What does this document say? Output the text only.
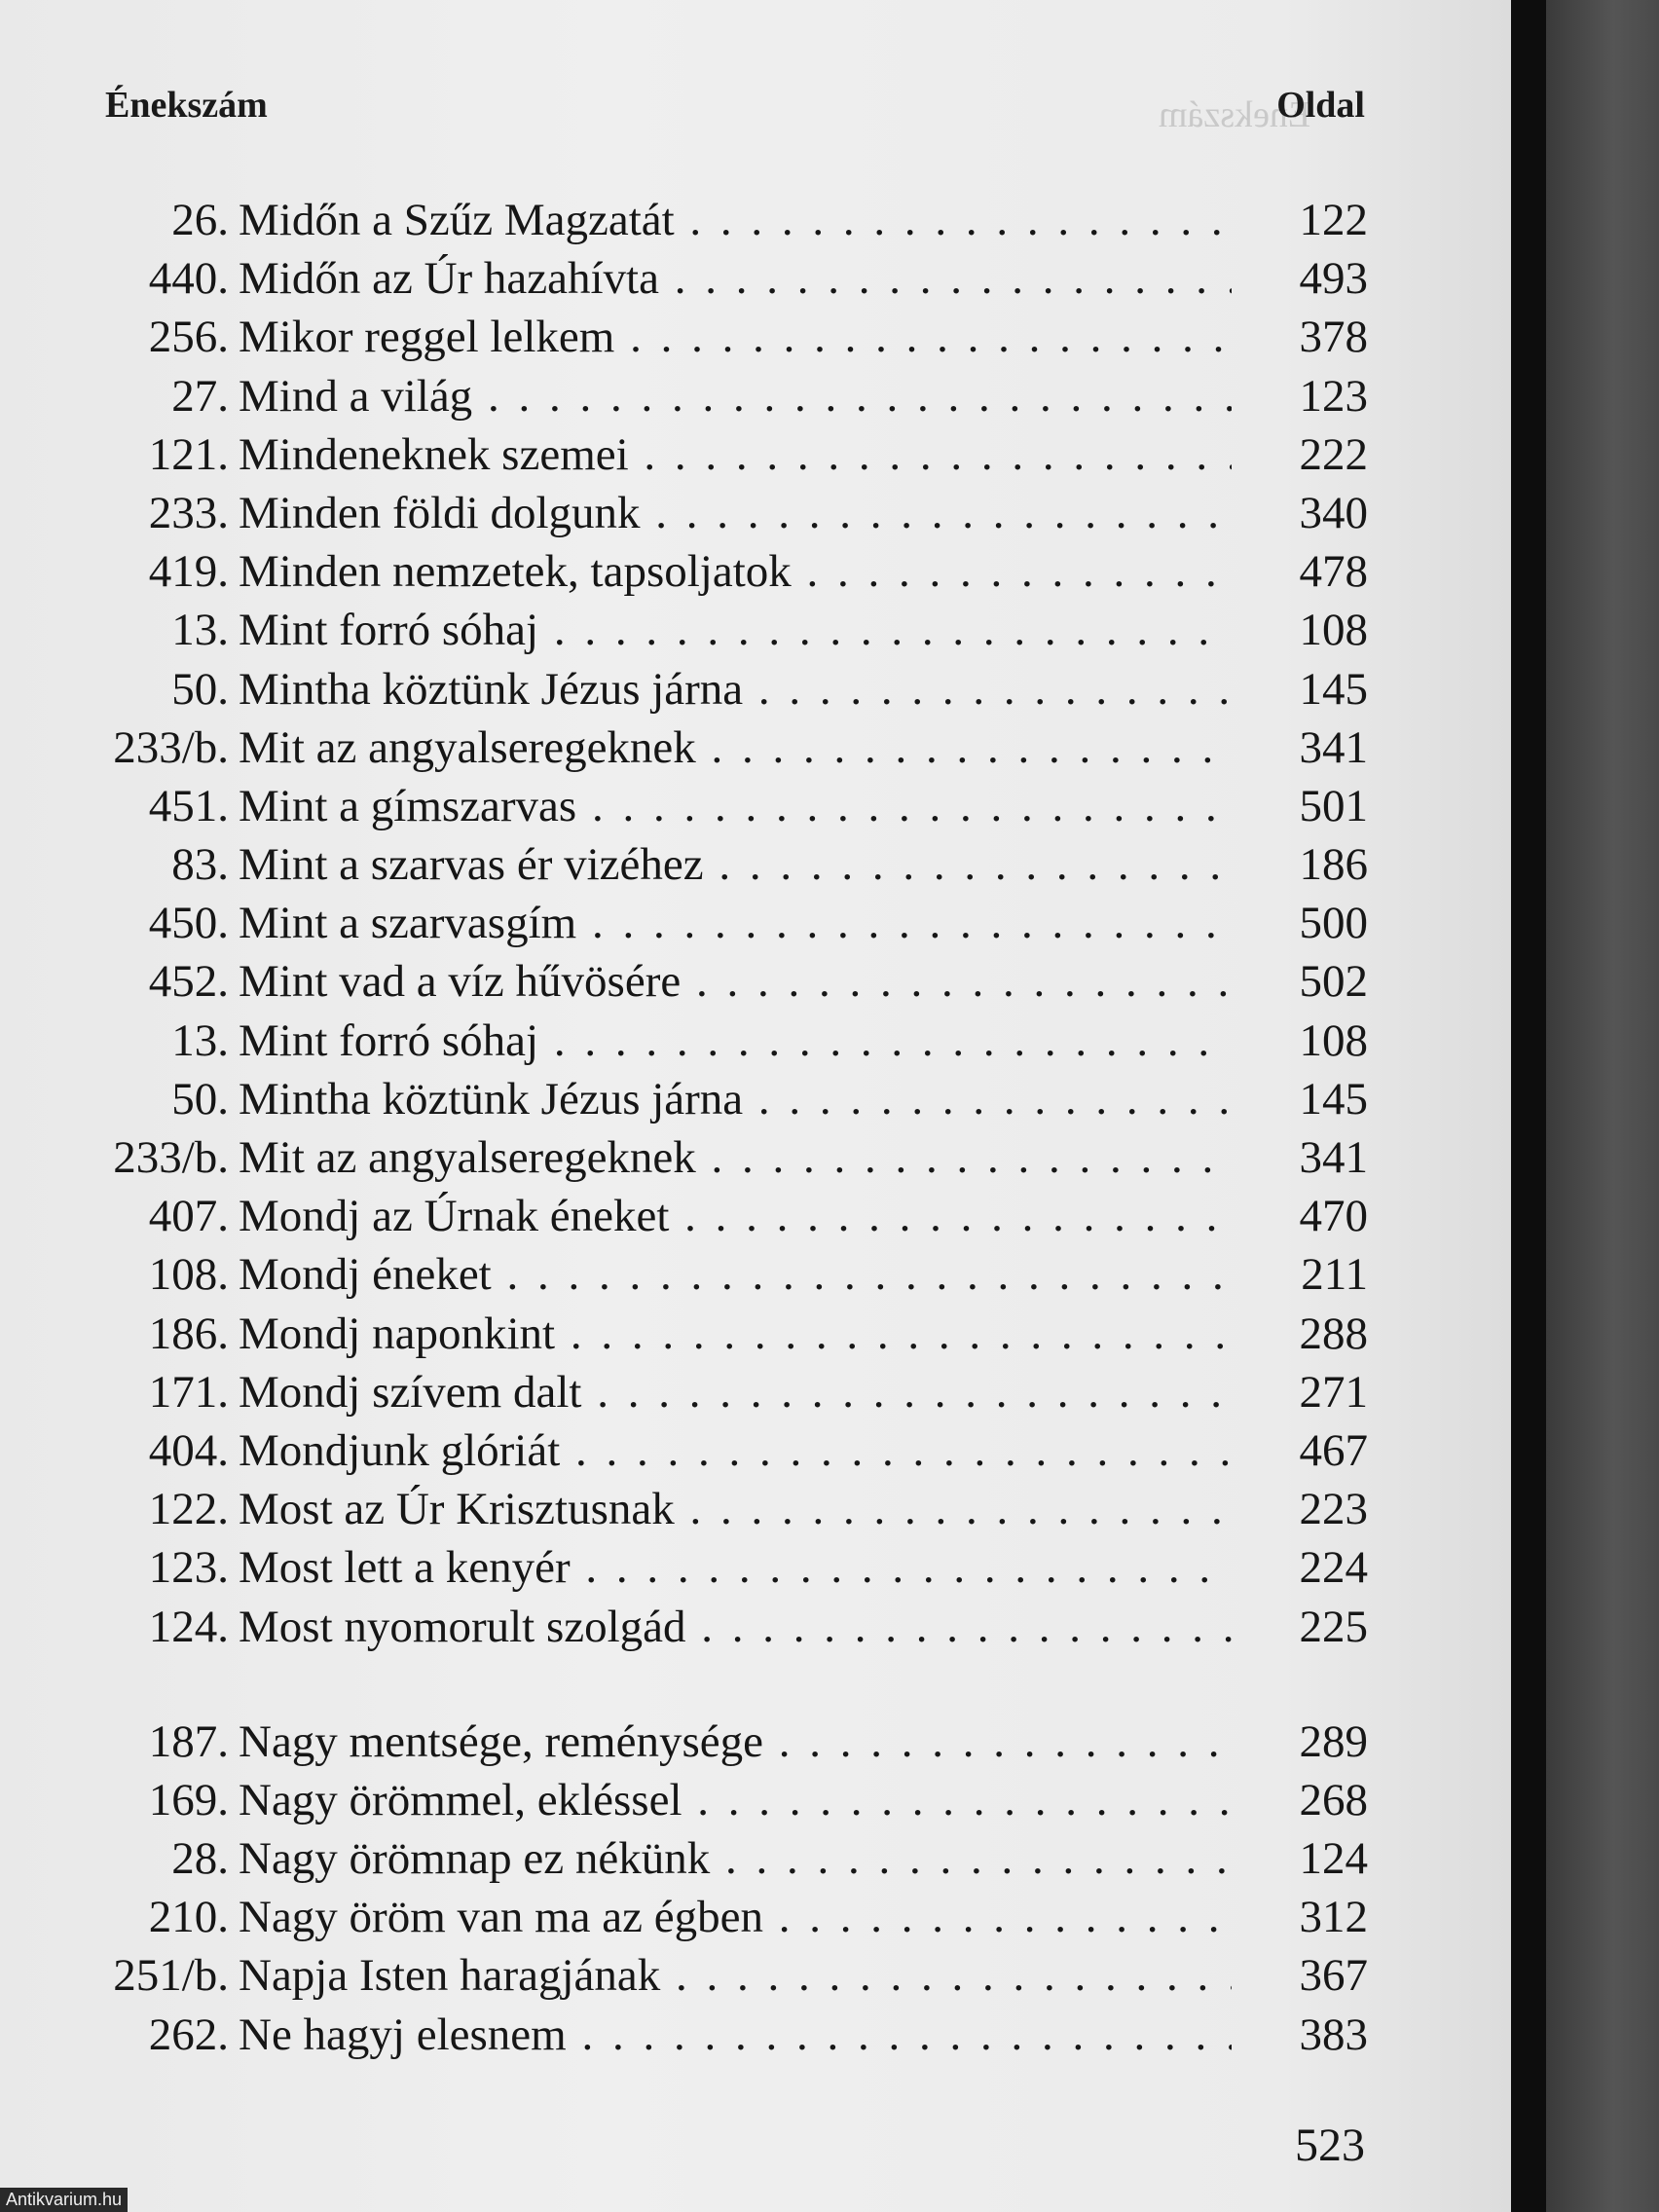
Énekszám
Énekszám	Oldal
26. Midőn a Szűz Magzatát . . .	122
440. Midőn az Úr hazahívta . . .	493
256. Mikor reggel lelkem . . .	378
27. Mind a világ . . .	123
121. Mindeneknek szemei . . .	222
233. Minden földi dolgunk . . .	340
419. Minden nemzetek, tapsoljatok . . .	478
13. Mint forró sóhaj . . .	108
50. Mintha köztünk Jézus járna . . .	145
233/b. Mit az angyalseregeknek . . .	341
451. Mint a gímszarvas . . .	501
83. Mint a szarvas ér vizéhez . . .	186
450. Mint a szarvasgím . . .	500
452. Mint vad a víz hűvösére . . .	502
13. Mint forró sóhaj . . .	108
50. Mintha köztünk Jézus járna . . .	145
233/b. Mit az angyalseregeknek . . .	341
407. Mondj az Úrnak éneket . . .	470
108. Mondj éneket . . .	211
186. Mondj naponkint . . .	288
171. Mondj szívem dalt . . .	271
404. Mondjunk glóriát . . .	467
122. Most az Úr Krisztusnak . . .	223
123. Most lett a kenyér . . .	224
124. Most nyomorult szolgád . . .	225
187. Nagy mentsége, reménysége . . .	289
169. Nagy örömmel, ekléssel . . .	268
28. Nagy örömnap ez nékünk . . .	124
210. Nagy öröm van ma az égben . . .	312
251/b. Napja Isten haragjának . . .	367
262. Ne hagyj elesnem . . .	383
523
Antikvarium.hu
